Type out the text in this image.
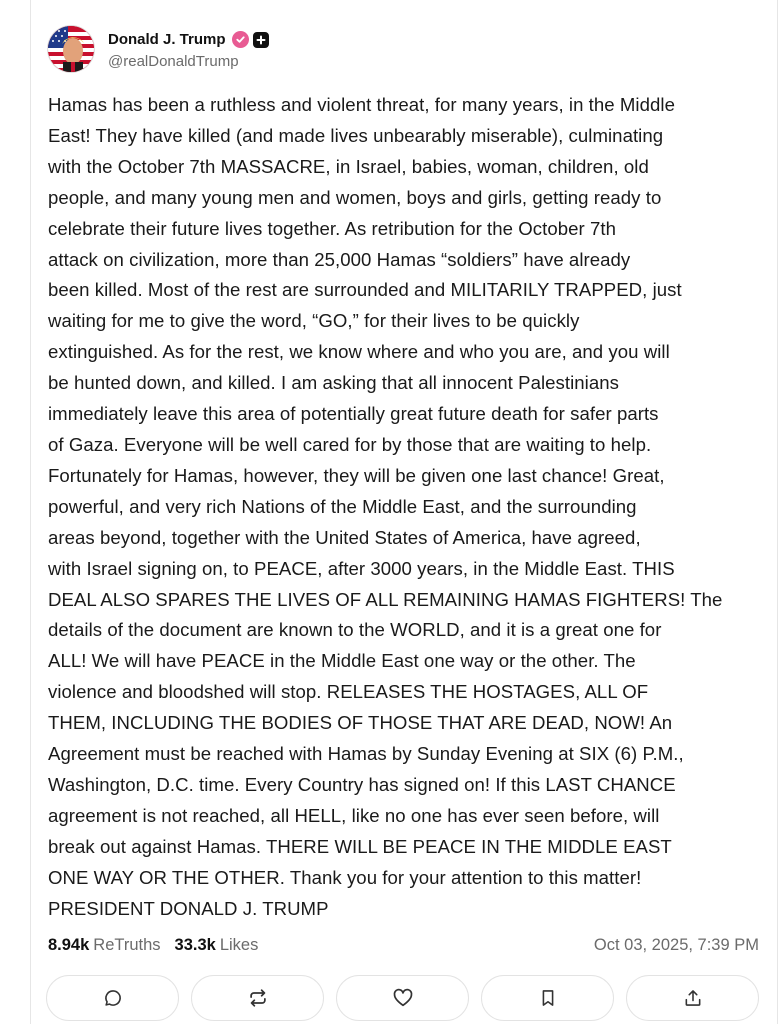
Donald J. Trump
@realDonaldTrump
Hamas has been a ruthless and violent threat, for many years, in the Middle
East! They have killed (and made lives unbearably miserable), culminating
with the October 7th MASSACRE, in Israel, babies, woman, children, old
people, and many young men and women, boys and girls, getting ready to
celebrate their future lives together. As retribution for the October 7th
attack on civilization, more than 25,000 Hamas “soldiers” have already
been killed. Most of the rest are surrounded and MILITARILY TRAPPED, just
waiting for me to give the word, “GO,” for their lives to be quickly
extinguished. As for the rest, we know where and who you are, and you will
be hunted down, and killed. I am asking that all innocent Palestinians
immediately leave this area of potentially great future death for safer parts
of Gaza. Everyone will be well cared for by those that are waiting to help.
Fortunately for Hamas, however, they will be given one last chance! Great,
powerful, and very rich Nations of the Middle East, and the surrounding
areas beyond, together with the United States of America, have agreed,
with Israel signing on, to PEACE, after 3000 years, in the Middle East. THIS
DEAL ALSO SPARES THE LIVES OF ALL REMAINING HAMAS FIGHTERS! The
details of the document are known to the WORLD, and it is a great one for
ALL! We will have PEACE in the Middle East one way or the other. The
violence and bloodshed will stop. RELEASES THE HOSTAGES, ALL OF
THEM, INCLUDING THE BODIES OF THOSE THAT ARE DEAD, NOW! An
Agreement must be reached with Hamas by Sunday Evening at SIX (6) P.M.,
Washington, D.C. time. Every Country has signed on! If this LAST CHANCE
agreement is not reached, all HELL, like no one has ever seen before, will
break out against Hamas. THERE WILL BE PEACE IN THE MIDDLE EAST
ONE WAY OR THE OTHER. Thank you for your attention to this matter!
PRESIDENT DONALD J. TRUMP
8.94k ReTruths 33.3k Likes	Oct 03, 2025, 7:39 PM
